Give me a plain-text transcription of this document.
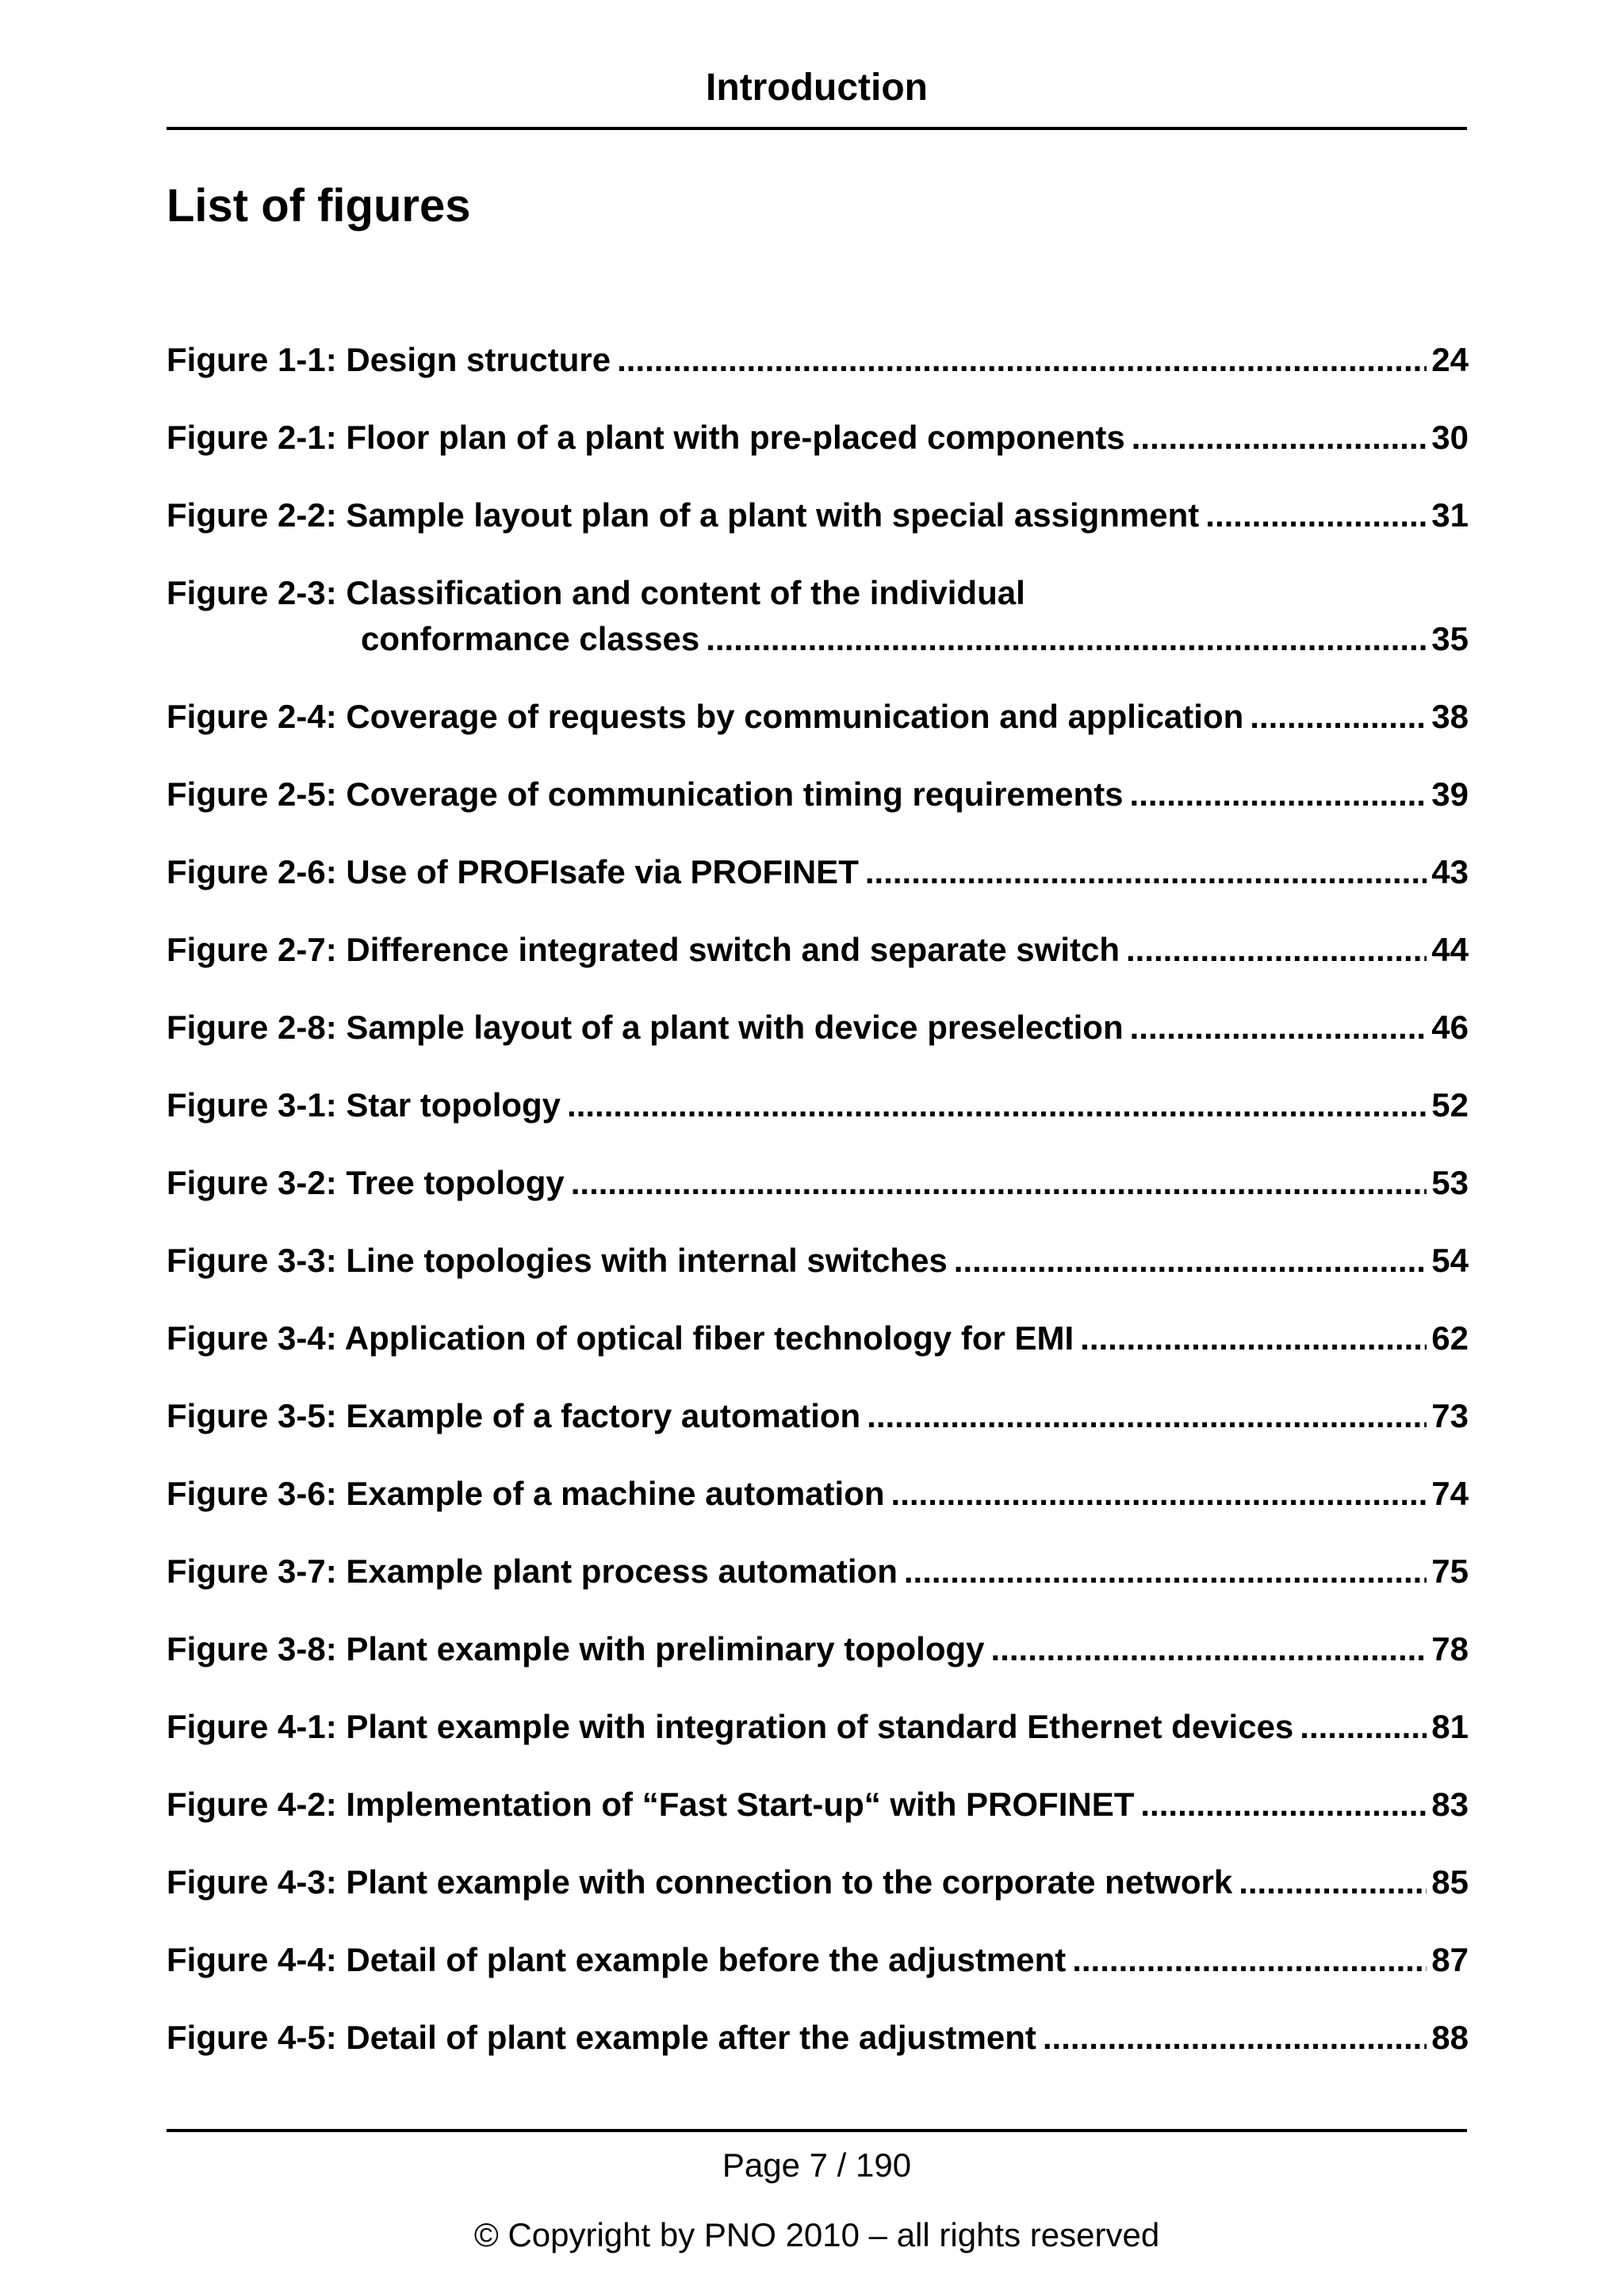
Introduction
List of figures
Figure 1-1: Design structure .....	24
Figure 2-1: Floor plan of a plant with pre-placed components .....	30
Figure 2-2: Sample layout plan of a plant with special assignment .....	31
Figure 2-3: Classification and content of the individual
conformance classes .....	35
Figure 2-4: Coverage of requests by communication and application .....	38
Figure 2-5: Coverage of communication timing requirements .....	39
Figure 2-6: Use of PROFIsafe via PROFINET .....	43
Figure 2-7: Difference integrated switch and separate switch .....	44
Figure 2-8: Sample layout of a plant with device preselection .....	46
Figure 3-1: Star topology .....	52
Figure 3-2: Tree topology .....	53
Figure 3-3: Line topologies with internal switches .....	54
Figure 3-4: Application of optical fiber technology for EMI .....	62
Figure 3-5: Example of a factory automation .....	73
Figure 3-6: Example of a machine automation .....	74
Figure 3-7: Example plant process automation .....	75
Figure 3-8: Plant example with preliminary topology .....	78
Figure 4-1: Plant example with integration of standard Ethernet devices .....	81
Figure 4-2: Implementation of “Fast Start-up“ with PROFINET .....	83
Figure 4-3: Plant example with connection to the corporate network .....	85
Figure 4-4: Detail of plant example before the adjustment .....	87
Figure 4-5: Detail of plant example after the adjustment .....	88
Page 7 / 190
© Copyright by PNO 2010 – all rights reserved
